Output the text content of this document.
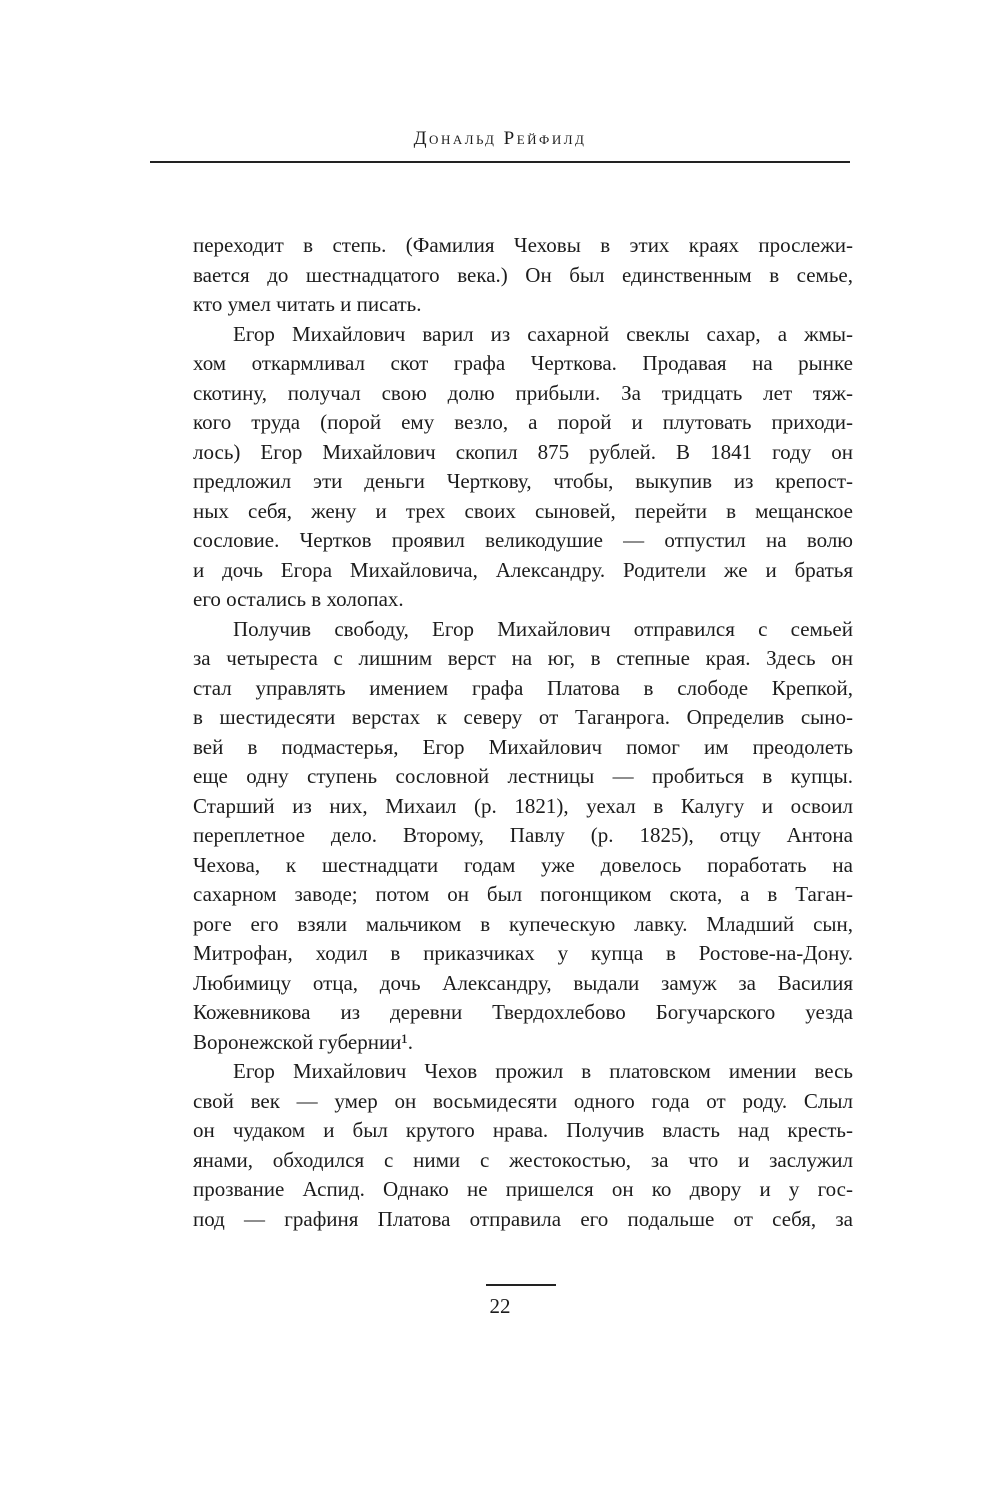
Дональд Рейфилд
переходит в степь. (Фамилия Чеховы в этих краях прослежи-
вается до шестнадцатого века.) Он был единственным в семье,
кто умел читать и писать.
Егор Михайлович варил из сахарной свеклы сахар, а жмы-
хом откармливал скот графа Черткова. Продавая на рынке
скотину, получал свою долю прибыли. За тридцать лет тяж-
кого труда (порой ему везло, а порой и плутовать приходи-
лось) Егор Михайлович скопил 875 рублей. В 1841 году он
предложил эти деньги Черткову, чтобы, выкупив из крепост-
ных себя, жену и трех своих сыновей, перейти в мещанское
сословие. Чертков проявил великодушие — отпустил на волю
и дочь Егора Михайловича, Александру. Родители же и братья
его остались в холопах.
Получив свободу, Егор Михайлович отправился с семьей
за четыреста с лишним верст на юг, в степные края. Здесь он
стал управлять имением графа Платова в слободе Крепкой,
в шестидесяти верстах к северу от Таганрога. Определив сыно-
вей в подмастерья, Егор Михайлович помог им преодолеть
еще одну ступень сословной лестницы — пробиться в купцы.
Старший из них, Михаил (р. 1821), уехал в Калугу и освоил
переплетное дело. Второму, Павлу (р. 1825), отцу Антона
Чехова, к шестнадцати годам уже довелось поработать на
сахарном заводе; потом он был погонщиком скота, а в Таган-
роге его взяли мальчиком в купеческую лавку. Младший сын,
Митрофан, ходил в приказчиках у купца в Ростове-на-Дону.
Любимицу отца, дочь Александру, выдали замуж за Василия
Кожевникова из деревни Твердохлебово Богучарского уезда
Воронежской губернии¹.
Егор Михайлович Чехов прожил в платовском имении весь
свой век — умер он восьмидесяти одного года от роду. Слыл
он чудаком и был крутого нрава. Получив власть над кресть-
янами, обходился с ними с жестокостью, за что и заслужил
прозвание Аспид. Однако не пришелся он ко двору и у гос-
под — графиня Платова отправила его подальше от себя, за
22
